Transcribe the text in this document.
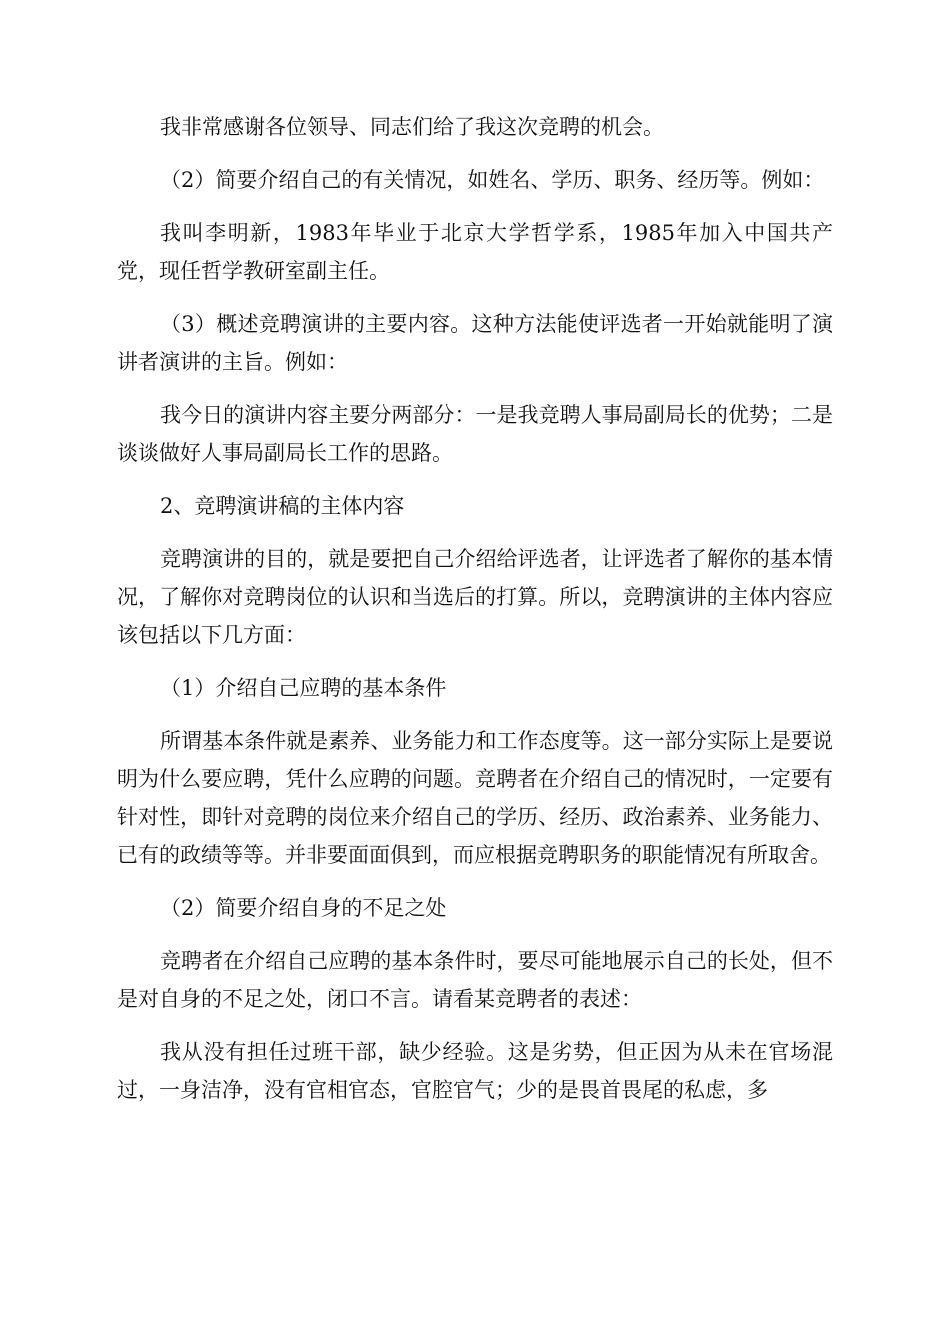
我非常感谢各位领导、同志们给了我这次竞聘的机会。

（2）简要介绍自己的有关情况，如姓名、学历、职务、经历等。例如：

我叫李明新，1983年毕业于北京大学哲学系，1985年加入中国共产党，现任哲学教研室副主任。

（3）概述竞聘演讲的主要内容。这种方法能使评选者一开始就能明了演讲者演讲的主旨。例如：

我今日的演讲内容主要分两部分：一是我竞聘人事局副局长的优势；二是谈谈做好人事局副局长工作的思路。

2、竞聘演讲稿的主体内容

竞聘演讲的目的，就是要把自己介绍给评选者，让评选者了解你的基本情况，了解你对竞聘岗位的认识和当选后的打算。所以，竞聘演讲的主体内容应该包括以下几方面：

（1）介绍自己应聘的基本条件

所谓基本条件就是素养、业务能力和工作态度等。这一部分实际上是要说明为什么要应聘，凭什么应聘的问题。竞聘者在介绍自己的情况时，一定要有针对性，即针对竞聘的岗位来介绍自己的学历、经历、政治素养、业务能力、已有的政绩等等。并非要面面俱到，而应根据竞聘职务的职能情况有所取舍。

（2）简要介绍自身的不足之处

竞聘者在介绍自己应聘的基本条件时，要尽可能地展示自己的长处，但不是对自身的不足之处，闭口不言。请看某竞聘者的表述：

我从没有担任过班干部，缺少经验。这是劣势，但正因为从未在官场混过，一身洁净，没有官相官态，官腔官气；少的是畏首畏尾的私虑，多
